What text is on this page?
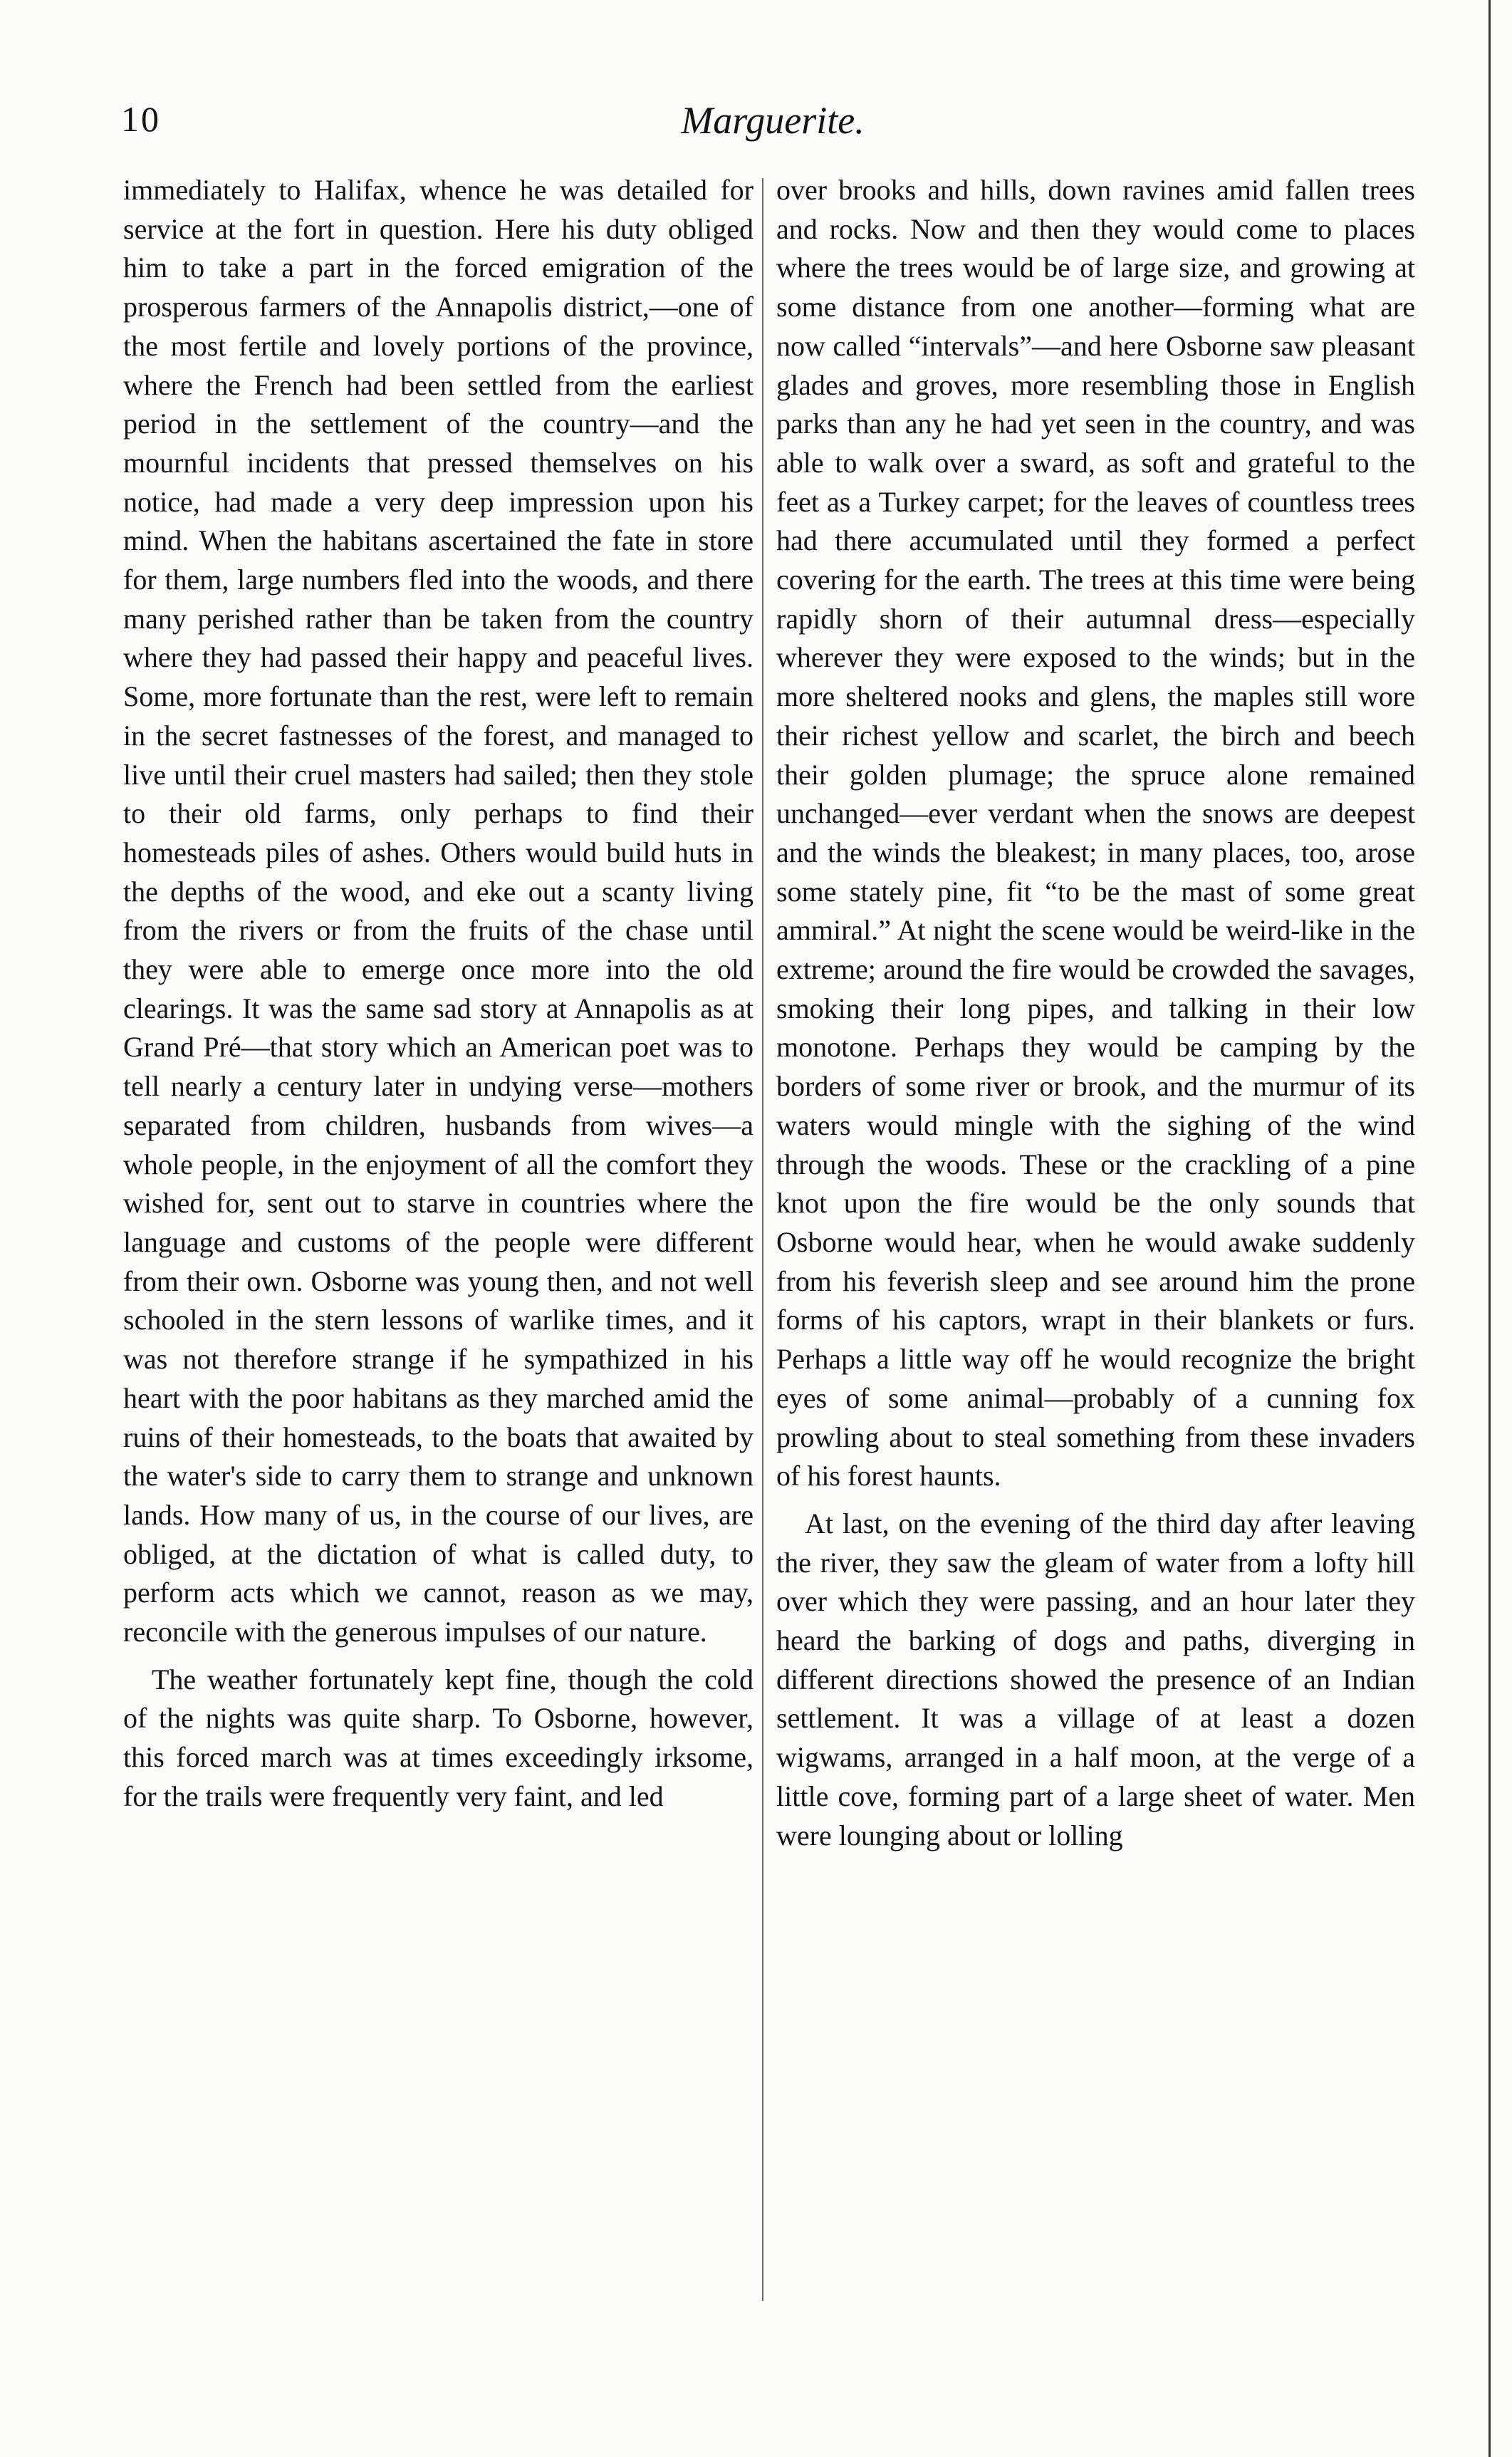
10	Marguerite.

immediately to Halifax, whence he was detailed for service at the fort in question. Here his duty obliged him to take a part in the forced emigration of the prosperous farmers of the Annapolis district,—one of the most fertile and lovely portions of the province, where the French had been settled from the earliest period in the settlement of the country—and the mournful incidents that pressed themselves on his notice, had made a very deep impression upon his mind. When the habitans ascertained the fate in store for them, large numbers fled into the woods, and there many perished rather than be taken from the country where they had passed their happy and peaceful lives. Some, more fortunate than the rest, were left to remain in the secret fastnesses of the forest, and managed to live until their cruel masters had sailed; then they stole to their old farms, only perhaps to find their homesteads piles of ashes. Others would build huts in the depths of the wood, and eke out a scanty living from the rivers or from the fruits of the chase until they were able to emerge once more into the old clearings. It was the same sad story at Annapolis as at Grand Pré—that story which an American poet was to tell nearly a century later in undying verse—mothers separated from children, husbands from wives—a whole people, in the enjoyment of all the comfort they wished for, sent out to starve in countries where the language and customs of the people were different from their own. Osborne was young then, and not well schooled in the stern lessons of warlike times, and it was not therefore strange if he sympathized in his heart with the poor habitans as they marched amid the ruins of their homesteads, to the boats that awaited by the water's side to carry them to strange and unknown lands. How many of us, in the course of our lives, are obliged, at the dictation of what is called duty, to perform acts which we cannot, reason as we may, reconcile with the generous impulses of our nature.

The weather fortunately kept fine, though the cold of the nights was quite sharp. To Osborne, however, this forced march was at times exceedingly irksome, for the trails were frequently very faint, and led

over brooks and hills, down ravines amid fallen trees and rocks. Now and then they would come to places where the trees would be of large size, and growing at some distance from one another—forming what are now called “intervals”—and here Osborne saw pleasant glades and groves, more resembling those in English parks than any he had yet seen in the country, and was able to walk over a sward, as soft and grateful to the feet as a Turkey carpet; for the leaves of countless trees had there accumulated until they formed a perfect covering for the earth. The trees at this time were being rapidly shorn of their autumnal dress—especially wherever they were exposed to the winds; but in the more sheltered nooks and glens, the maples still wore their richest yellow and scarlet, the birch and beech their golden plumage; the spruce alone remained unchanged—ever verdant when the snows are deepest and the winds the bleakest; in many places, too, arose some stately pine, fit “to be the mast of some great ammiral.” At night the scene would be weird-like in the extreme; around the fire would be crowded the savages, smoking their long pipes, and talking in their low monotone. Perhaps they would be camping by the borders of some river or brook, and the murmur of its waters would mingle with the sighing of the wind through the woods. These or the crackling of a pine knot upon the fire would be the only sounds that Osborne would hear, when he would awake suddenly from his feverish sleep and see around him the prone forms of his captors, wrapt in their blankets or furs. Perhaps a little way off he would recognize the bright eyes of some animal—probably of a cunning fox prowling about to steal something from these invaders of his forest haunts.

At last, on the evening of the third day after leaving the river, they saw the gleam of water from a lofty hill over which they were passing, and an hour later they heard the barking of dogs and paths, diverging in different directions showed the presence of an Indian settlement. It was a village of at least a dozen wigwams, arranged in a half moon, at the verge of a little cove, forming part of a large sheet of water. Men were lounging about or lolling
